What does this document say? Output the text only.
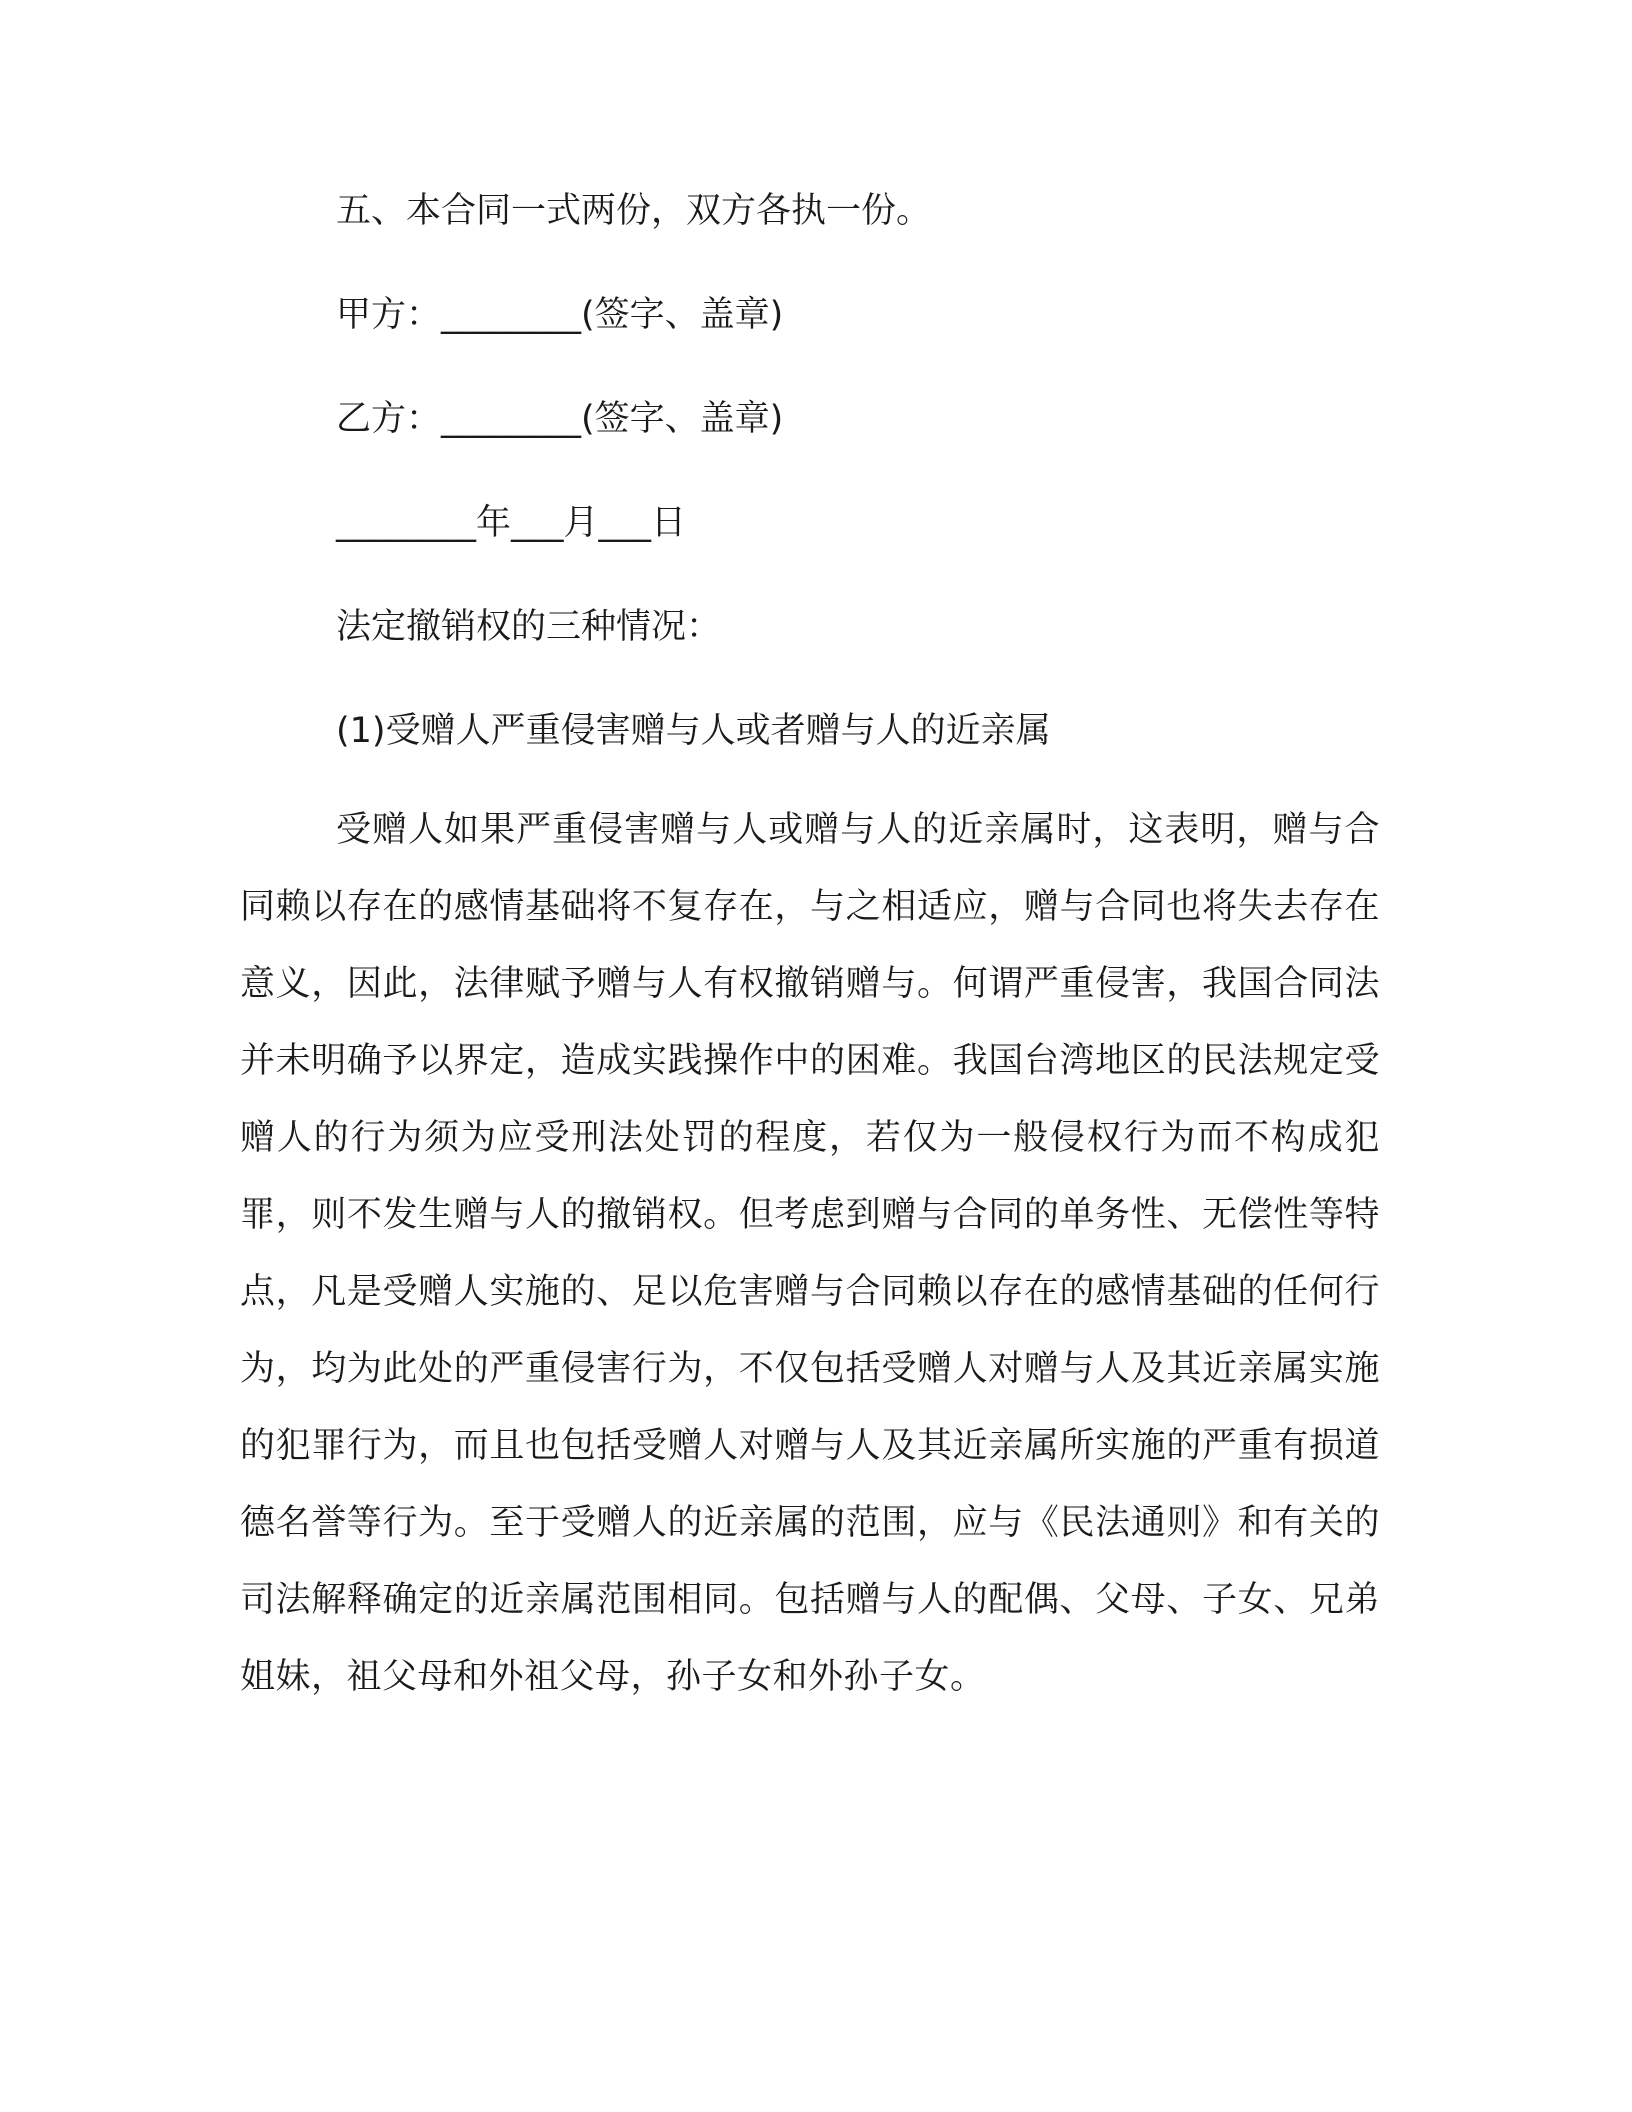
五、本合同一式两份，双方各执一份。

甲方：________(签字、盖章)

乙方：________(签字、盖章)

________年___月___日

法定撤销权的三种情况：

(1)受赠人严重侵害赠与人或者赠与人的近亲属

受赠人如果严重侵害赠与人或赠与人的近亲属时，这表明，赠与合同赖以存在的感情基础将不复存在，与之相适应，赠与合同也将失去存在意义，因此，法律赋予赠与人有权撤销赠与。何谓严重侵害，我国合同法并未明确予以界定，造成实践操作中的困难。我国台湾地区的民法规定受赠人的行为须为应受刑法处罚的程度，若仅为一般侵权行为而不构成犯罪，则不发生赠与人的撤销权。但考虑到赠与合同的单务性、无偿性等特点，凡是受赠人实施的、足以危害赠与合同赖以存在的感情基础的任何行为，均为此处的严重侵害行为，不仅包括受赠人对赠与人及其近亲属实施的犯罪行为，而且也包括受赠人对赠与人及其近亲属所实施的严重有损道德名誉等行为。至于受赠人的近亲属的范围，应与《民法通则》和有关的司法解释确定的近亲属范围相同。包括赠与人的配偶、父母、子女、兄弟姐妹，祖父母和外祖父母，孙子女和外孙子女。
